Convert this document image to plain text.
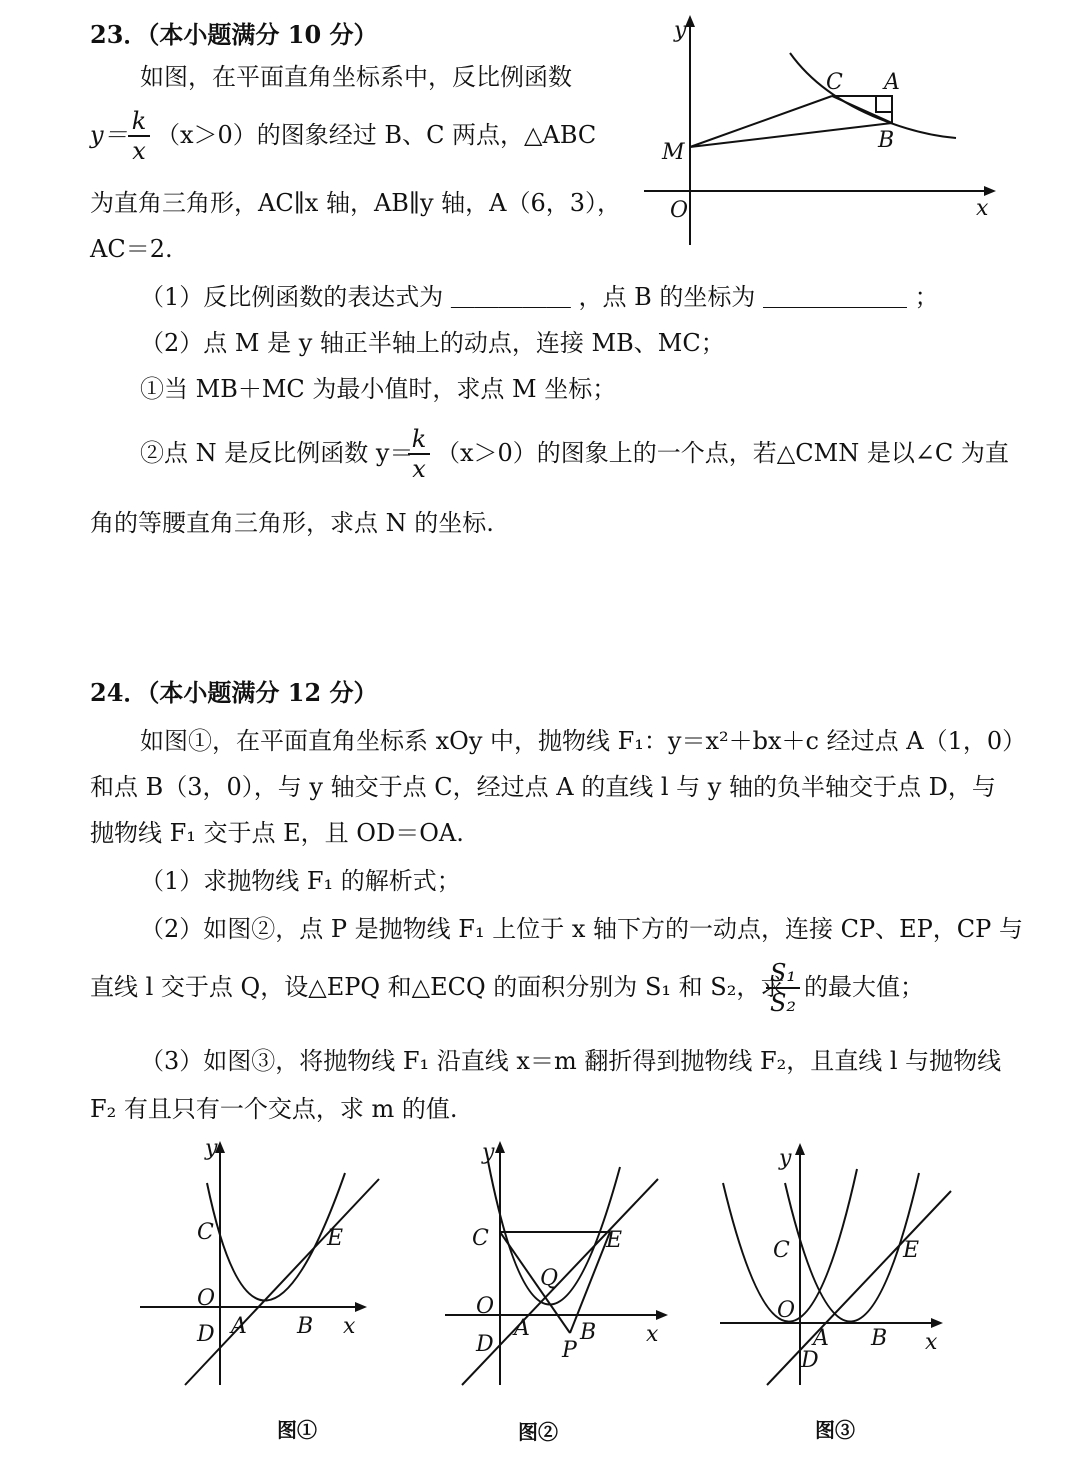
23．（本小题满分 10 分）
如图，在平面直角坐标系中，反比例函数
y＝ k
x
（x＞0）的图象经过 B、C 两点，△ABC
为直角三角形，AC∥x 轴，AB∥y 轴，A（6，3），
AC＝2.
（1）反比例函数的表达式为 ＿＿＿＿＿ ，点 B 的坐标为 ＿＿＿＿＿＿ ；
（2）点 M 是 y 轴正半轴上的动点，连接 MB、MC；
①当 MB＋MC 为最小值时，求点 M 坐标；
②点 N 是反比例函数 y＝
k
x
（x＞0）的图象上的一个点，若△CMN 是以∠C 为直
角的等腰直角三角形，求点 N 的坐标.
y
x
O
M
C A
B
24．（本小题满分 12 分）
如图①，在平面直角坐标系 xOy 中，抛物线 F₁：y＝x²＋bx＋c 经过点 A（1，0）
和点 B（3，0），与 y 轴交于点 C，经过点 A 的直线 l 与 y 轴的负半轴交于点 D，与
抛物线 F₁ 交于点 E，且 OD＝OA.
（1）求抛物线 F₁ 的解析式；
（2）如图②，点 P 是抛物线 F₁ 上位于 x 轴下方的一动点，连接 CP、EP，CP 与
直线 l 交于点 Q，设△EPQ 和△ECQ 的面积分别为 S₁ 和 S₂，求
S₁
S₂
的最大值；
（3）如图③，将抛物线 F₁ 沿直线 x＝m 翻折得到抛物线 F₂，且直线 l 与抛物线
F₂ 有且只有一个交点，求 m 的值.
y
x
C
O
D A B
E
图①
y
x
C
O
D
A B
E
Q
P
图②
y
x
C
O
D
A B
E
图③
